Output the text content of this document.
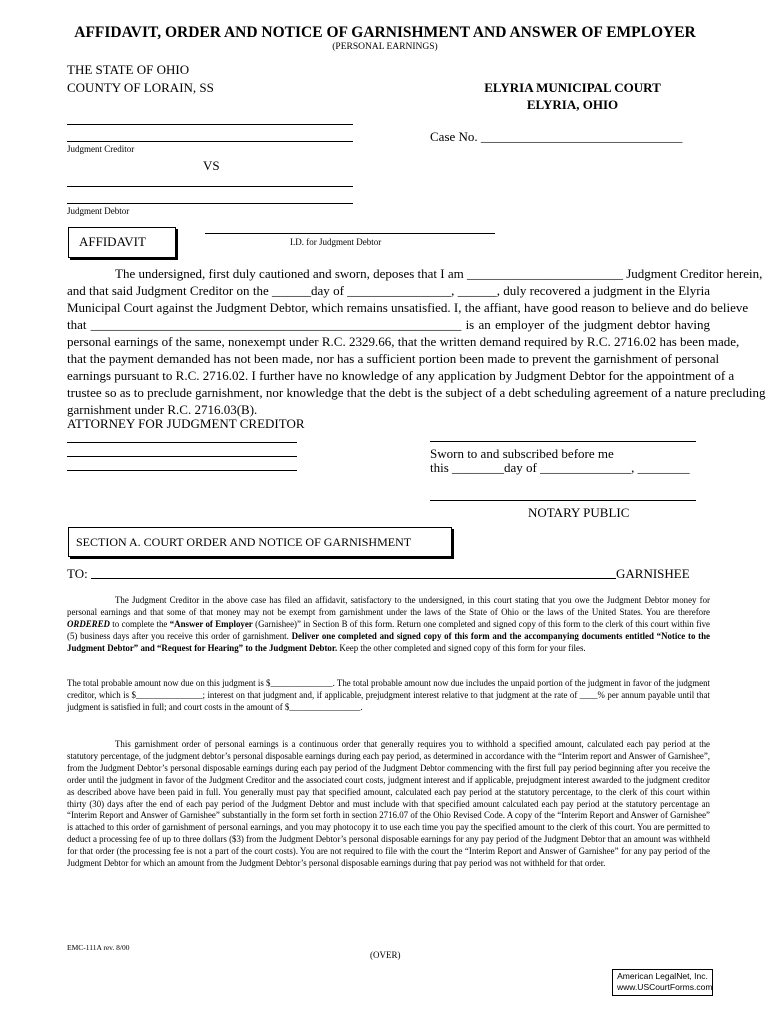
AFFIDAVIT, ORDER AND NOTICE OF GARNISHMENT AND ANSWER OF EMPLOYER
(PERSONAL EARNINGS)
THE STATE OF OHIO
COUNTY OF LORAIN, SS	ELYRIA MUNICIPAL COURT
ELYRIA, OHIO
Judgment Creditor
Case No. _______________________________
VS
Judgment Debtor
AFFIDAVIT	I.D. for Judgment Debtor
The undersigned, first duly cautioned and sworn, deposes that I am ________________________ Judgment Creditor herein,
and that said Judgment Creditor on the ______day of ________________, ______, duly recovered a judgment in the Elyria
Municipal Court against the Judgment Debtor, which remains unsatisfied. I, the affiant, have good reason to believe and do believe
that _________________________________________________________ is an employer of the judgment debtor having
personal earnings of the same, nonexempt under R.C. 2329.66, that the written demand required by R.C. 2716.02 has been made,
that the payment demanded has not been made, nor has a sufficient portion been made to prevent the garnishment of personal
earnings pursuant to R.C. 2716.02. I further have no knowledge of any application by Judgment Debtor for the appointment of a
trustee so as to preclude garnishment, nor knowledge that the debt is the subject of a debt scheduling agreement of a nature precluding
garnishment under R.C. 2716.03(B).
ATTORNEY FOR JUDGMENT CREDITOR
Sworn to and subscribed before me
this ________day of ______________, ________
NOTARY PUBLIC
SECTION A. COURT ORDER AND NOTICE OF GARNISHMENT
TO:	GARNISHEE
The Judgment Creditor in the above case has filed an affidavit, satisfactory to the undersigned, in this court stating that you owe the Judgment Debtor money for personal earnings and that some of that money may not be exempt from garnishment under the laws of the State of Ohio or the laws of the United States. You are therefore ORDERED to complete the “Answer of Employer (Garnishee)” in Section B of this form. Return one completed and signed copy of this form to the clerk of this court within five (5) business days after you receive this order of garnishment. Deliver one completed and signed copy of this form and the accompanying documents entitled “Notice to the Judgment Debtor” and “Request for Hearing” to the Judgment Debtor. Keep the other completed and signed copy of this form for your files.
The total probable amount now due on this judgment is $______________. The total probable amount now due includes the unpaid portion of the judgment in favor of the judgment creditor, which is $_______________; interest on that judgment and, if applicable, prejudgment interest relative to that judgment at the rate of ____% per annum payable until that judgment is satisfied in full; and court costs in the amount of $________________.
This garnishment order of personal earnings is a continuous order that generally requires you to withhold a specified amount, calculated each pay period at the statutory percentage, of the judgment debtor’s personal disposable earnings during each pay period, as determined in accordance with the “Interim report and Answer of Garnishee”, from the Judgment Debtor’s personal disposable earnings during each pay period of the Judgment Debtor commencing with the first full pay period beginning after you receive the order until the judgment in favor of the Judgment Creditor and the associated court costs, judgment interest and if applicable, prejudgment interest awarded to the judgment creditor as described above have been paid in full. You generally must pay that specified amount, calculated each pay period at the statutory percentage, to the clerk of this court within thirty (30) days after the end of each pay period of the Judgment Debtor and must include with that specified amount calculated each pay period at the statutory percentage an “Interim Report and Answer of Garnishee” substantially in the form set forth in section 2716.07 of the Ohio Revised Code. A copy of the “Interim Report and Answer of Garnishee” is attached to this order of garnishment of personal earnings, and you may photocopy it to use each time you pay the specified amount to the clerk of this court. You are permitted to deduct a processing fee of up to three dollars ($3) from the Judgment Debtor’s personal disposable earnings for any pay period of the Judgment Debtor that an amount was withheld for that order (the processing fee is not a part of the court costs). You are not required to file with the court the “Interim Report and Answer of Garnishee” for any pay period of the Judgment Debtor for which an amount from the Judgment Debtor’s personal disposable earnings during that pay period was not withheld for that order.
EMC-111A rev. 8/00
(OVER)
American LegalNet, Inc.
www.USCourtForms.com
